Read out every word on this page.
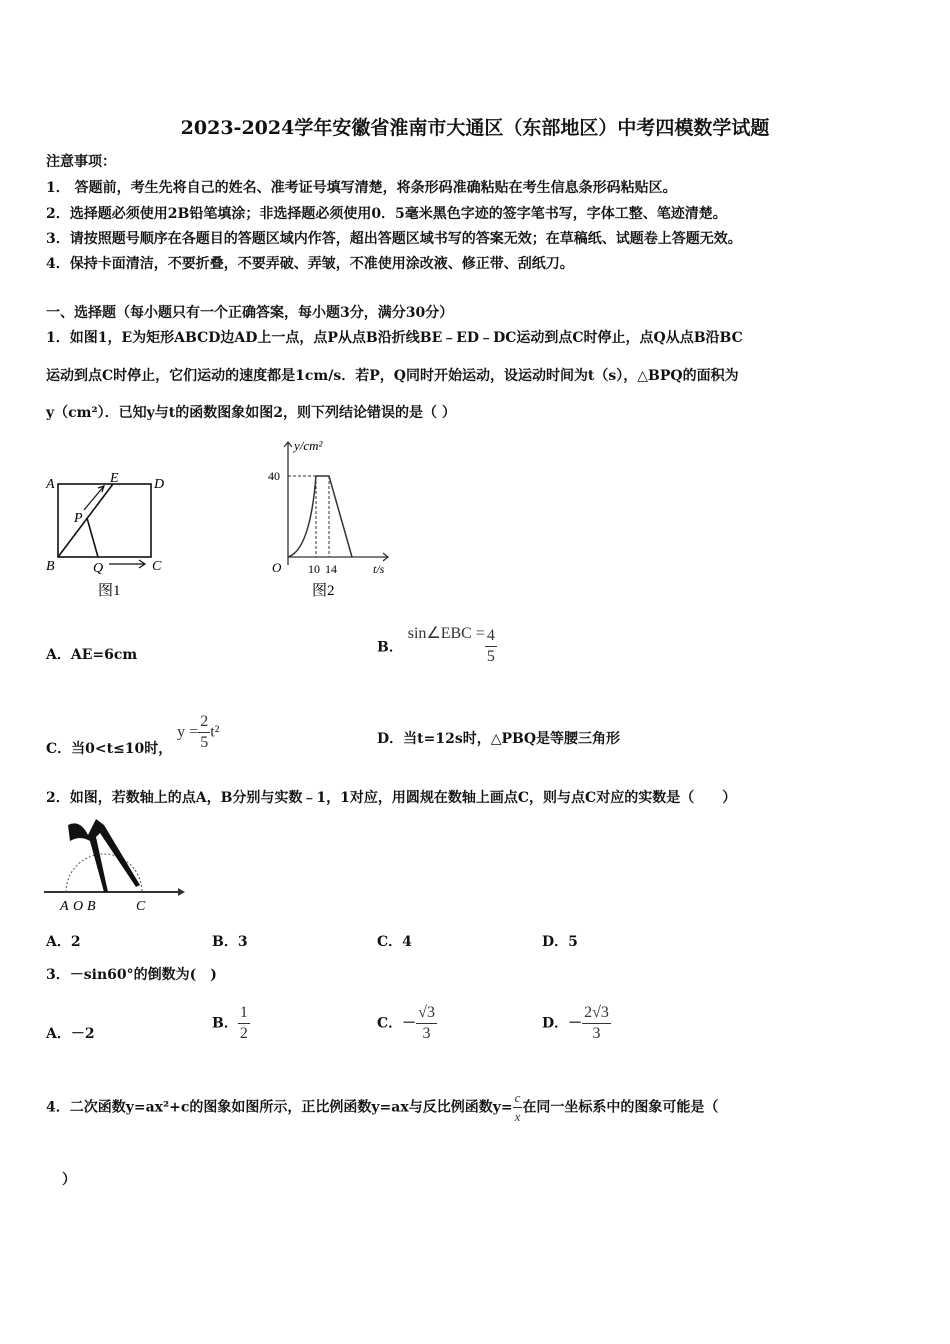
2023-2024学年安徽省淮南市大通区（东部地区）中考四模数学试题
注意事项：
1． 答题前，考生先将自己的姓名、准考证号填写清楚，将条形码准确粘贴在考生信息条形码粘贴区。
2．选择题必须使用2B铅笔填涂；非选择题必须使用0．5毫米黑色字迹的签字笔书写，字体工整、笔迹清楚。
3．请按照题号顺序在各题目的答题区域内作答，超出答题区域书写的答案无效；在草稿纸、试题卷上答题无效。
4．保持卡面清洁，不要折叠，不要弄破、弄皱，不准使用涂改液、修正带、刮纸刀。
一、选择题（每小题只有一个正确答案，每小题3分，满分30分）
1．如图1，E为矩形ABCD边AD上一点，点P从点B沿折线BE﹣ED﹣DC运动到点C时停止，点Q从点B沿BC
运动到点C时停止，它们运动的速度都是1cm/s．若P，Q同时开始运动，设运动时间为t（s），△BPQ的面积为
y（cm²）．已知y与t的函数图象如图2，则下列结论错误的是（ ）
A	E	D
P
B	Q	C
图1
y/cm²
40
O 10 14	t/s
图2
A．AE=6cm	B． sin∠EBC = $\frac{4}{5}$
C．当0<t≤10时， $y = \frac{2}{5} t^2$	D．当t=12s时，△PBQ是等腰三角形
2．如图，若数轴上的点A，B分别与实数﹣1，1对应，用圆规在数轴上画点C，则与点C对应的实数是（　　）
A O B	C
A．2	B．3	C．4	D．5
3．－sin60°的倒数为(　)
A．－2
B． $\frac{1}{2}$	C．－ $\frac{√3}{3}$	D．－ $\frac{2√3}{3}$
4．二次函数y=ax²+c的图象如图所示，正比例函数y=ax与反比例函数$y= \frac{c}{x}$ 在同一坐标系中的图象可能是（
）
